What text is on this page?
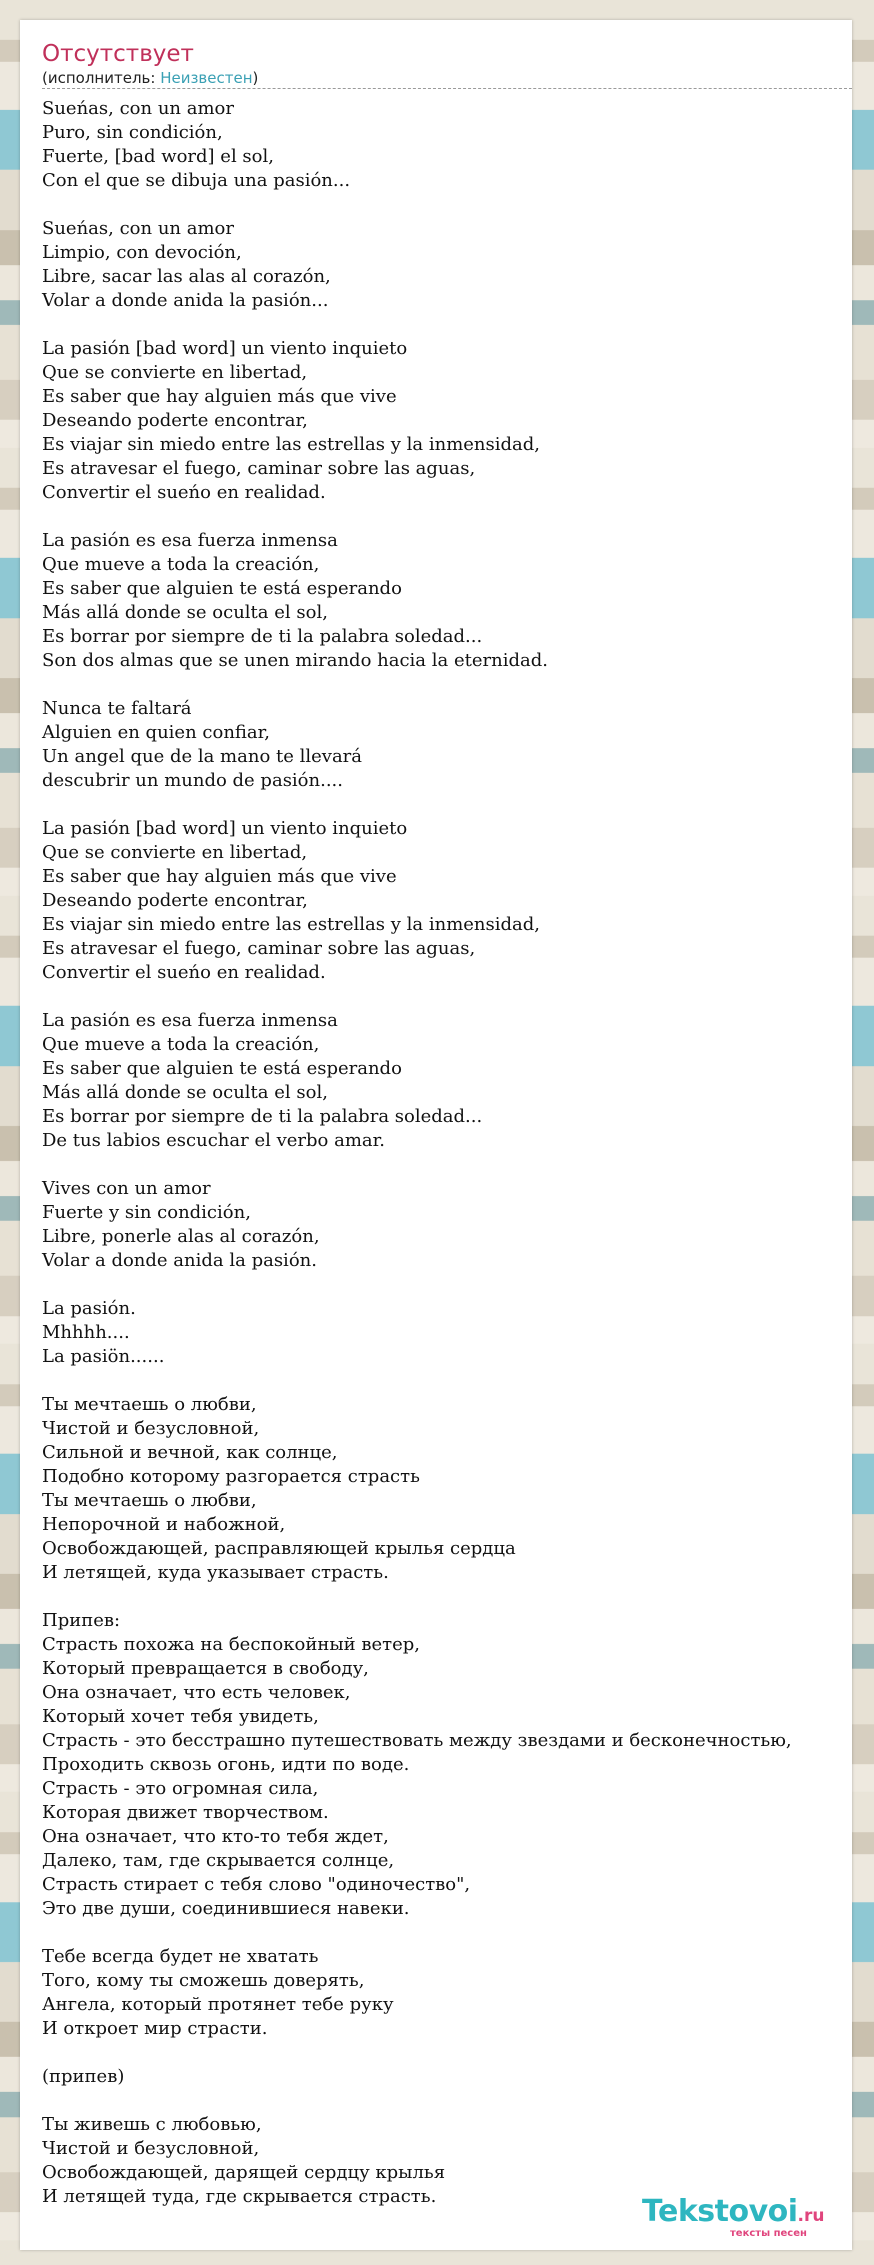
Отсутствует
(исполнитель: Неизвестен)
Sueńas, con un amor
Puro, sin condición,
Fuerte, [bad word] el sol,
Con el que se dibuja una pasión...

Sueńas, con un amor
Limpio, con devoción,
Libre, sacar las alas al corazón,
Volar a donde anida la pasión...

La pasión [bad word] un viento inquieto
Que se convierte en libertad,
Es saber que hay alguien más que vive
Deseando poderte encontrar,
Es viajar sin miedo entre las estrellas y la inmensidad,
Es atravesar el fuego, caminar sobre las aguas,
Convertir el sueńo en realidad.

La pasión es esa fuerza inmensa
Que mueve a toda la creación,
Es saber que alguien te está esperando
Más allá donde se oculta el sol,
Es borrar por siempre de ti la palabra soledad...
Son dos almas que se unen mirando hacia la eternidad.

Nunca te faltará
Alguien en quien confiar,
Un angel que de la mano te llevará
descubrir un mundo de pasión....

La pasión [bad word] un viento inquieto
Que se convierte en libertad,
Es saber que hay alguien más que vive
Deseando poderte encontrar,
Es viajar sin miedo entre las estrellas y la inmensidad,
Es atravesar el fuego, caminar sobre las aguas,
Convertir el sueńo en realidad.

La pasión es esa fuerza inmensa
Que mueve a toda la creación,
Es saber que alguien te está esperando
Más allá donde se oculta el sol,
Es borrar por siempre de ti la palabra soledad...
De tus labios escuchar el verbo amar.

Vives con un amor
Fuerte y sin condición,
Libre, ponerle alas al corazón,
Volar a donde anida la pasión.

La pasión.
Mhhhh....
La pasiön......

Ты мечтаешь о любви,
Чистой и безусловной,
Сильной и вечной, как солнце,
Подобно которому разгорается страсть
Ты мечтаешь о любви,
Непорочной и набожной,
Освобождающей, расправляющей крылья сердца
И летящей, куда указывает страсть.

Припев:
Страсть похожа на беспокойный ветер,
Который превращается в свободу,
Она означает, что есть человек,
Который хочет тебя увидеть,
Страсть - это бесстрашно путешествовать между звездами и бесконечностью,
Проходить сквозь огонь, идти по воде.
Страсть - это огромная сила,
Которая движет творчеством.
Она означает, что кто-то тебя ждет,
Далеко, там, где скрывается солнце,
Страсть стирает с тебя слово "одиночество",
Это две души, соединившиеся навеки.

Тебе всегда будет не хватать
Того, кому ты сможешь доверять,
Ангела, который протянет тебе руку
И откроет мир страсти.

(припев)

Ты живешь с любовью,
Чистой и безусловной,
Освобождающей, дарящей сердцу крылья
И летящей туда, где скрывается страсть.	Tekstovoi.ru
тексты песен
